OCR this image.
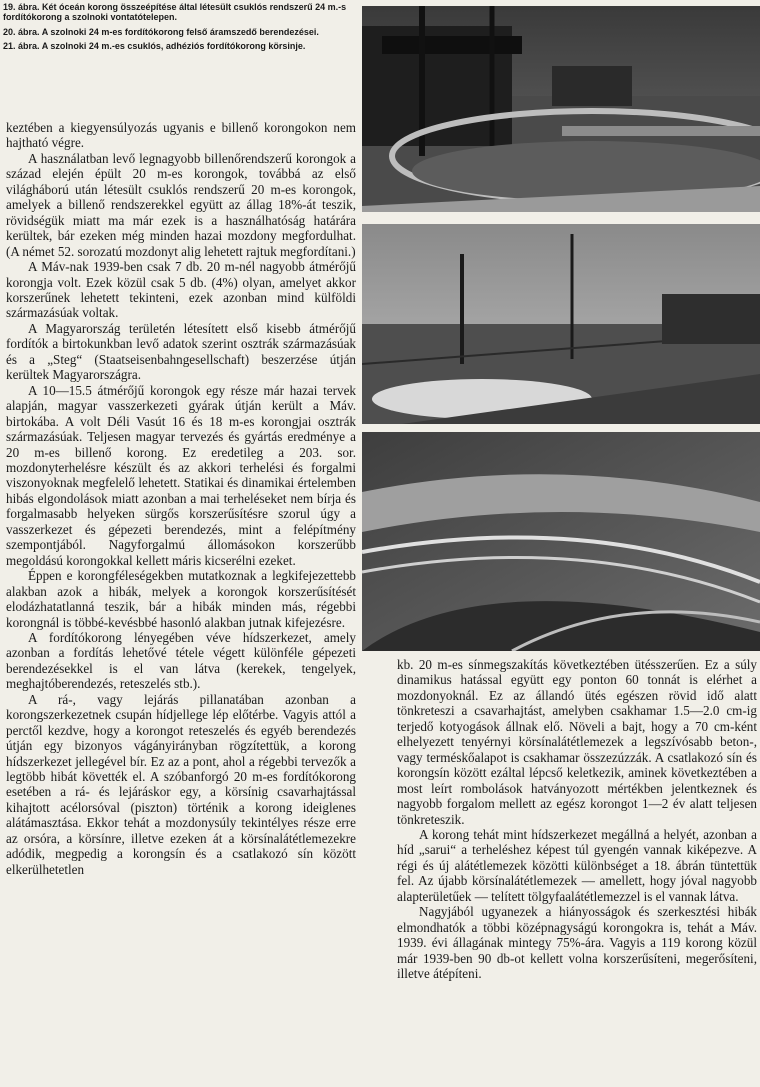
19. ábra. Két óceán korong összeépítése által létesült csuklós rendszerű 24 m.-s fordítókorong a szolnoki vontatótelepen.

20. ábra. A szolnoki 24 m-es fordítókorong felső áramszedő berendezései.

21. ábra. A szolnoki 24 m.-es csuklós, adhéziós fordítókorong körsinje.

keztében a kiegyensúlyozás ugyanis e billenő korongokon nem hajtható végre.

A használatban levő legnagyobb billenőrendszerű korongok a század elején épült 20 m-es korongok, továbbá az első világháború után létesült csuklós rendszerű 20 m-es korongok, amelyek a billenő rendszerekkel együtt az állag 18%-át teszik, rövidségük miatt ma már ezek is a használhatóság határára kerültek, bár ezeken még minden hazai mozdony megfordulhat. (A német 52. sorozatú mozdonyt alig lehetett rajtuk megfordítani.)

A Máv-nak 1939-ben csak 7 db. 20 m-nél nagyobb átmérőjű korongja volt. Ezek közül csak 5 db. (4%) olyan, amelyet akkor korszerűnek lehetett tekinteni, ezek azonban mind külföldi származásúak voltak.

A Magyarország területén létesített első kisebb átmérőjű fordítók a birtokunkban levő adatok szerint osztrák származásúak és a „Steg“ (Staatseisenbahngesellschaft) beszerzése útján kerültek Magyarországra.

A 10—15.5 átmérőjű korongok egy része már hazai tervek alapján, magyar vasszerkezeti gyárak útján került a Máv. birtokába. A volt Déli Vasút 16 és 18 m-es korongjai osztrák származásúak. Teljesen magyar tervezés és gyártás eredménye a 20 m-es billenő korong. Ez eredetileg a 203. sor. mozdonyterhelésre készült és az akkori terhelési és forgalmi viszonyoknak megfelelő lehetett. Statikai és dinamikai értelemben hibás elgondolások miatt azonban a mai terheléseket nem bírja és forgalmasabb helyeken sürgős korszerűsítésre szorul úgy a vasszerkezet és gépezeti berendezés, mint a felépítmény szempontjából. Nagyforgalmú állomásokon korszerűbb megoldású korongokkal kellett máris kicserélni ezeket.

Éppen e korongféleségekben mutatkoznak a legkifejezettebb alakban azok a hibák, melyek a korongok korszerűsítését elodázhatatlanná teszik, bár a hibák minden más, régebbi korongnál is többé-kevésbbé hasonló alakban jutnak kifejezésre.

A fordítókorong lényegében véve hídszerkezet, amely azonban a fordítás lehetővé tétele végett különféle gépezeti berendezésekkel is el van látva (kerekek, tengelyek, meghajtóberendezés, reteszelés stb.).

A rá-, vagy lejárás pillanatában azonban a korongszerkezetnek csupán hídjellege lép előtérbe. Vagyis attól a perctől kezdve, hogy a korongot reteszelés és egyéb berendezés útján egy bizonyos vágányirányban rögzítettük, a korong hídszerkezet jellegével bír. Ez az a pont, ahol a régebbi tervezők a legtöbb hibát követték el. A szóbanforgó 20 m-es fordítókorong esetében a rá- és lejáráskor egy, a körsínig csavarhajtással kihajtott acélorsóval (piszton) történik a korong ideiglenes alátámasztása. Ekkor tehát a mozdonysúly tekintélyes része erre az orsóra, a körsínre, illetve ezeken át a körsínalátétlemezekre adódik, megpedig a korongsín és a csatlakozó sín között elkerülhetetlen

kb. 20 m-es sínmegszakítás következtében ütésszerűen. Ez a súly dinamikus hatással együtt egy ponton 60 tonnát is elérhet a mozdonyoknál. Ez az állandó ütés egészen rövid idő alatt tönkreteszi a csavarhajtást, amelyben csakhamar 1.5—2.0 cm-ig terjedő kotyogások állnak elő. Növeli a bajt, hogy a 70 cm-ként elhelyezett tenyérnyi körsínalátétlemezek a legszívósabb beton-, vagy terméskőalapot is csakhamar összezúzzák. A csatlakozó sín és korongsín között ezáltal lépcső keletkezik, aminek következtében a most leírt rombolások hatványozott mértékben jelentkeznek és nagyobb forgalom mellett az egész korongot 1—2 év alatt teljesen tönkreteszik.

A korong tehát mint hídszerkezet megállná a helyét, azonban a híd „sarui“ a terheléshez képest túl gyengén vannak kiképezve. A régi és új alátétlemezek közötti különbséget a 18. ábrán tüntettük fel. Az újabb körsínalátétlemezek — amellett, hogy jóval nagyobb alapterületűek — telített tölgyfaalátétlemezzel is el vannak látva.

Nagyjából ugyanezek a hiányosságok és szerkesztési hibák elmondhatók a többi középnagyságú korongokra is, tehát a Máv. 1939. évi állagának mintegy 75%-ára. Vagyis a 119 korong közül már 1939-ben 90 db-ot kellett volna korszerűsíteni, megerősíteni, illetve átépíteni.
